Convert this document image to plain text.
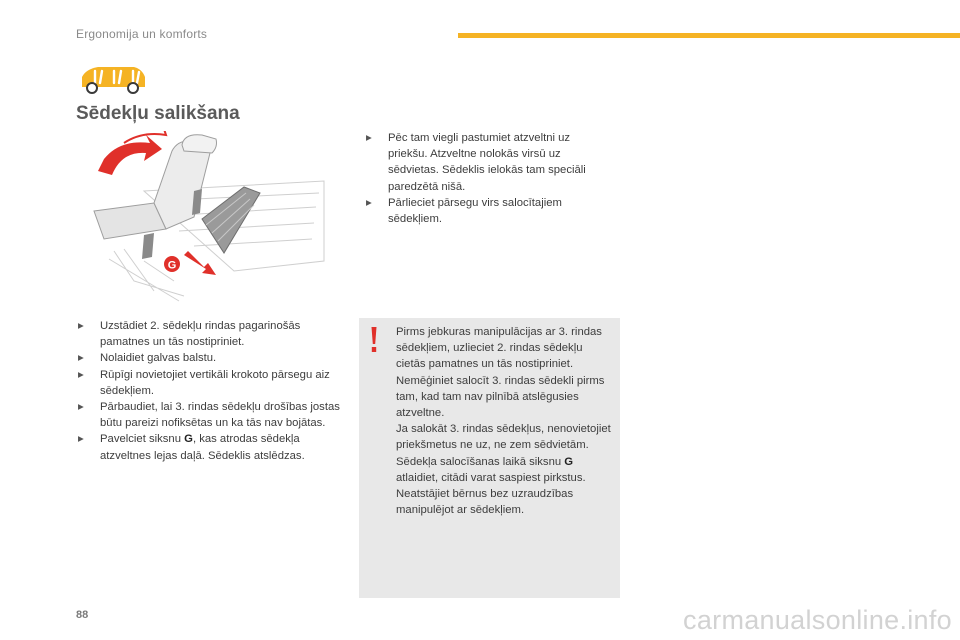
Ergonomija un komforts
Sēdekļu salikšana
G
▸	Uzstādiet 2. sēdekļu rindas pagarinošās pamatnes un tās nostipriniet.
▸	Nolaidiet galvas balstu.
▸	Rūpīgi novietojiet vertikāli krokoto pārsegu aiz sēdekļiem.
▸	Pārbaudiet, lai 3. rindas sēdekļu drošības jostas būtu pareizi nofiksētas un ka tās nav bojātas.
▸	Pavelciet siksnu G, kas atrodas sēdekļa atzveltnes lejas daļā. Sēdeklis atslēdzas.
▸	Pēc tam viegli pastumiet atzveltni uz priekšu. Atzveltne nolokās virsū uz sēdvietas. Sēdeklis ielokās tam speciāli paredzētā nišā.
▸	Pārlieciet pārsegu virs salocītajiem sēdekļiem.

Pirms jebkuras manipulācijas ar 3. rindas sēdekļiem, uzlieciet 2. rindas sēdekļu cietās pamatnes un tās nostipriniet.

Nemēģiniet salocīt 3. rindas sēdekli pirms tam, kad tam nav pilnībā atslēgusies atzveltne.

Ja salokāt 3. rindas sēdekļus, nenovietojiet priekšmetus ne uz, ne zem sēdvietām.

Sēdekļa salocīšanas laikā siksnu G atlaidiet, citādi varat saspiest pirkstus.

Neatstājiet bērnus bez uzraudzības manipulējot ar sēdekļiem.

88	carmanualsonline.info
